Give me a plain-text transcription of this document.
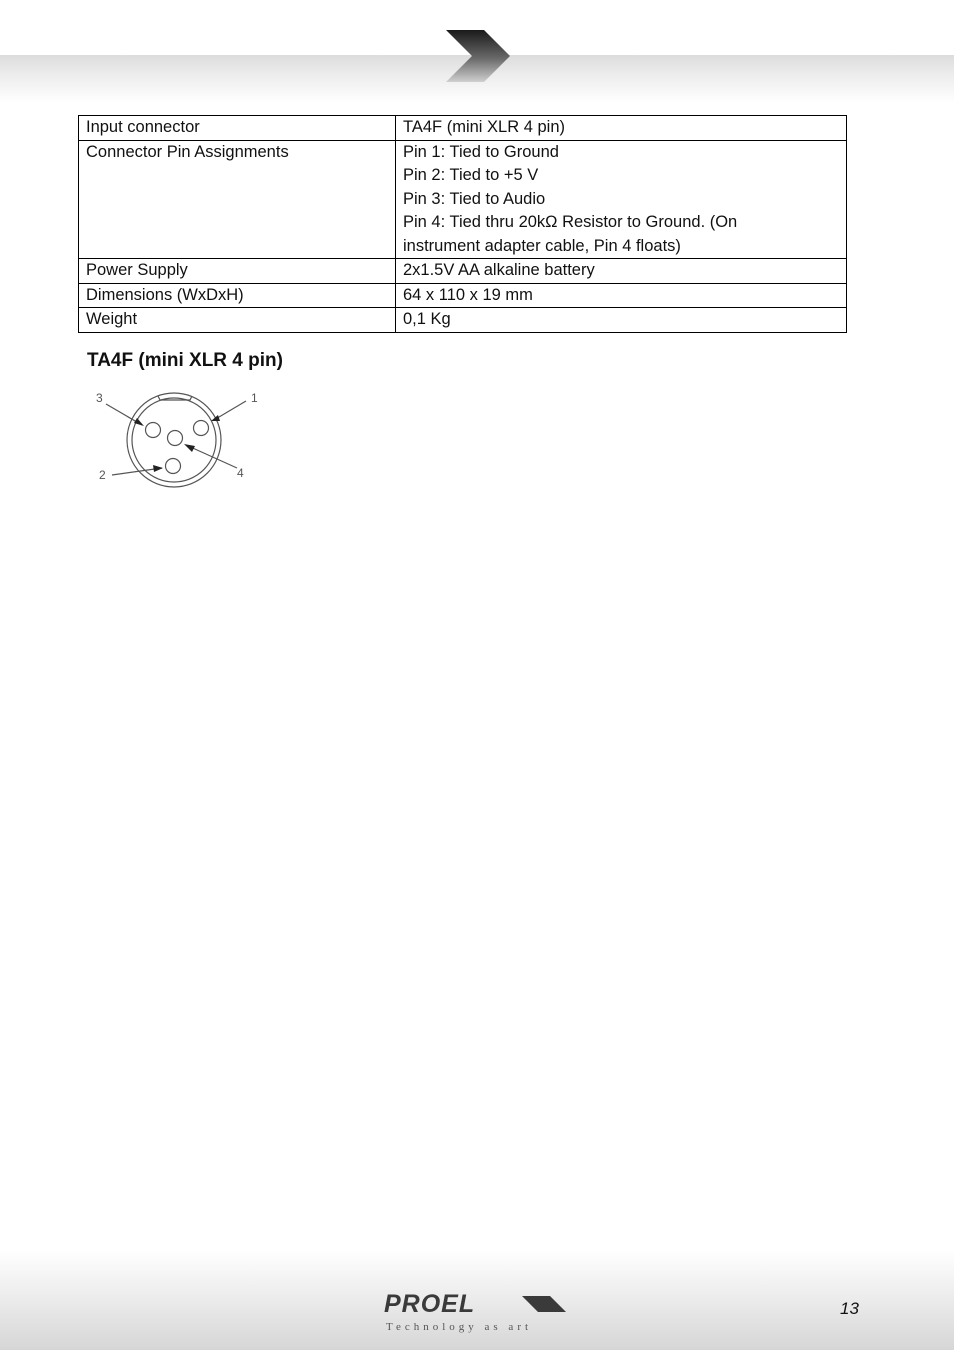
Input connector	TA4F (mini XLR 4 pin)

Connector Pin Assignments	Pin 1: Tied to Ground
Pin 2: Tied to +5 V
Pin 3: Tied to Audio
Pin 4: Tied thru 20kΩ Resistor to Ground. (On
instrument adapter cable, Pin 4 floats)

Power Supply	2x1.5V AA alkaline battery

Dimensions (WxDxH)	64 x 110 x 19 mm

Weight	0,1 Kg
TA4F (mini XLR 4 pin)
3	1
2	4
PROEL
Technology as art
13
